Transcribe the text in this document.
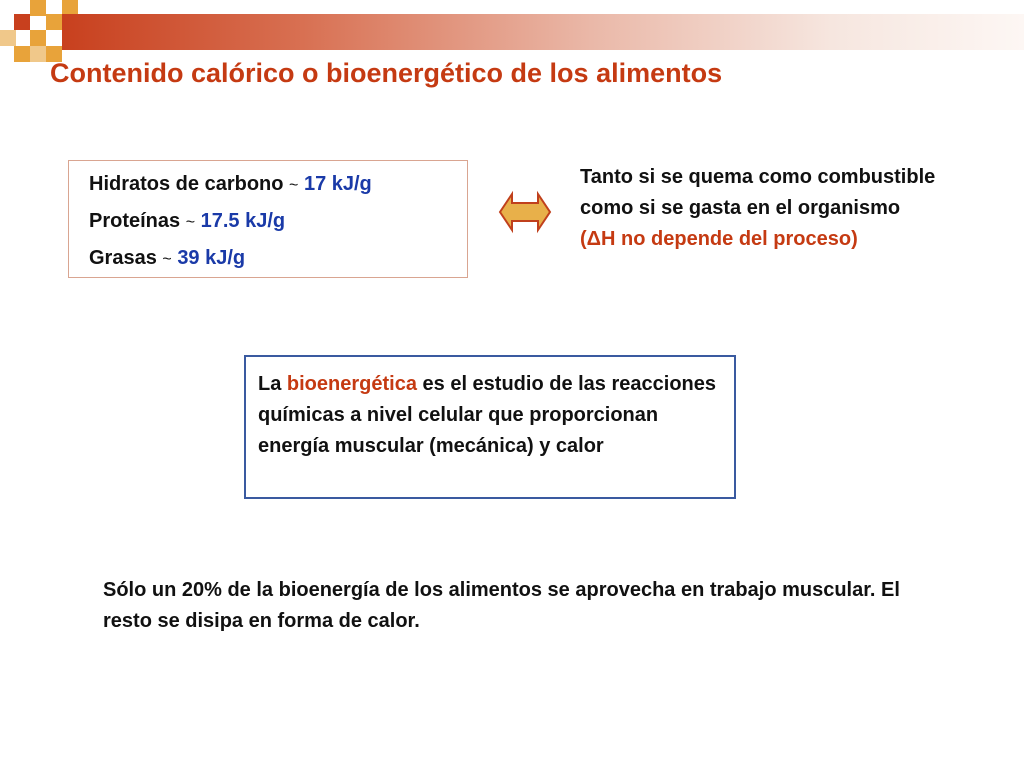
Contenido calórico o bioenergético de los alimentos
Hidratos de carbono ~ 17 kJ/g
Proteínas ~ 17.5 kJ/g
Grasas ~ 39 kJ/g
Tanto si se quema como combustible como si se gasta en el organismo (ΔH no depende del proceso)

La bioenergética es el estudio de las reacciones químicas a nivel celular que proporcionan energía muscular (mecánica) y calor

Sólo un 20% de la bioenergía de los alimentos se aprovecha en trabajo muscular. El resto se disipa en forma de calor.
